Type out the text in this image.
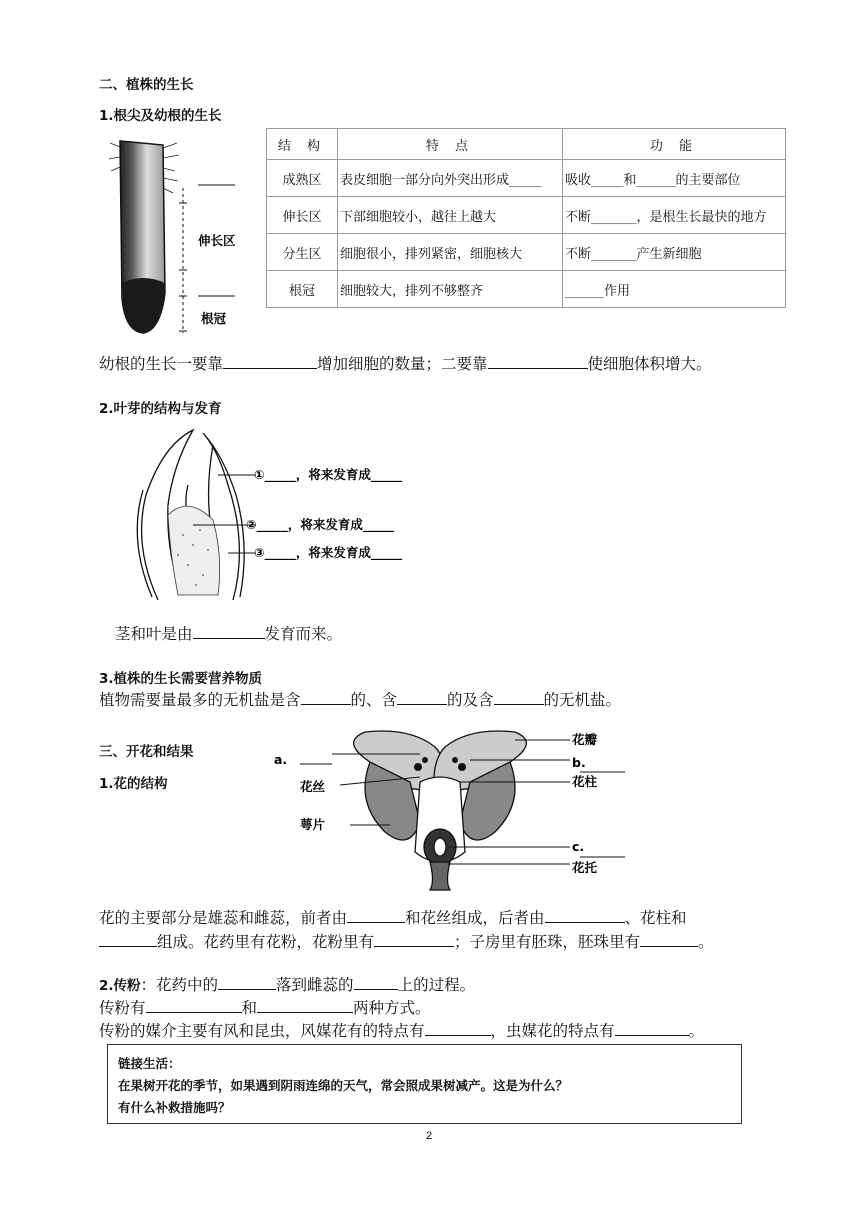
二、植株的生长
1.根尖及幼根的生长
伸长区
根冠
结 构	特 点	功 能
成熟区	表皮细胞一部分向外突出形成_____	吸收_____和______的主要部位
伸长区	下部细胞较小，越往上越大	不断_______，是根生长最快的地方
分生区	细胞很小，排列紧密，细胞核大	不断_______产生新细胞
根冠	细胞较大，排列不够整齐	______作用
幼根的生长一要靠	增加细胞的数量；二要靠	使细胞体积增大。
2.叶芽的结构与发育
①_____，将来发育成_____
②_____，将来发育成_____
③_____，将来发育成_____
茎和叶是由	发育而来。
3.植株的生长需要营养物质
植物需要量最多的无机盐是含	的、含	的及含	的无机盐。
三、开花和结果
1.花的结构
a.
花丝
萼片
花瓣
b.
花柱
c.
花托
花的主要部分是雄蕊和雌蕊，前者由	和花丝组成，后者由	、花柱和
组成。花药里有花粉，花粉里有	；子房里有胚珠，胚珠里有	。
2.传粉：花药中的	落到雌蕊的	上的过程。
传粉有	和	两种方式。
传粉的媒介主要有风和昆虫，风媒花有的特点有	，虫媒花的特点有	。
链接生活：
在果树开花的季节，如果遇到阴雨连绵的天气，常会照成果树减产。这是为什么？
有什么补救措施吗？
2
